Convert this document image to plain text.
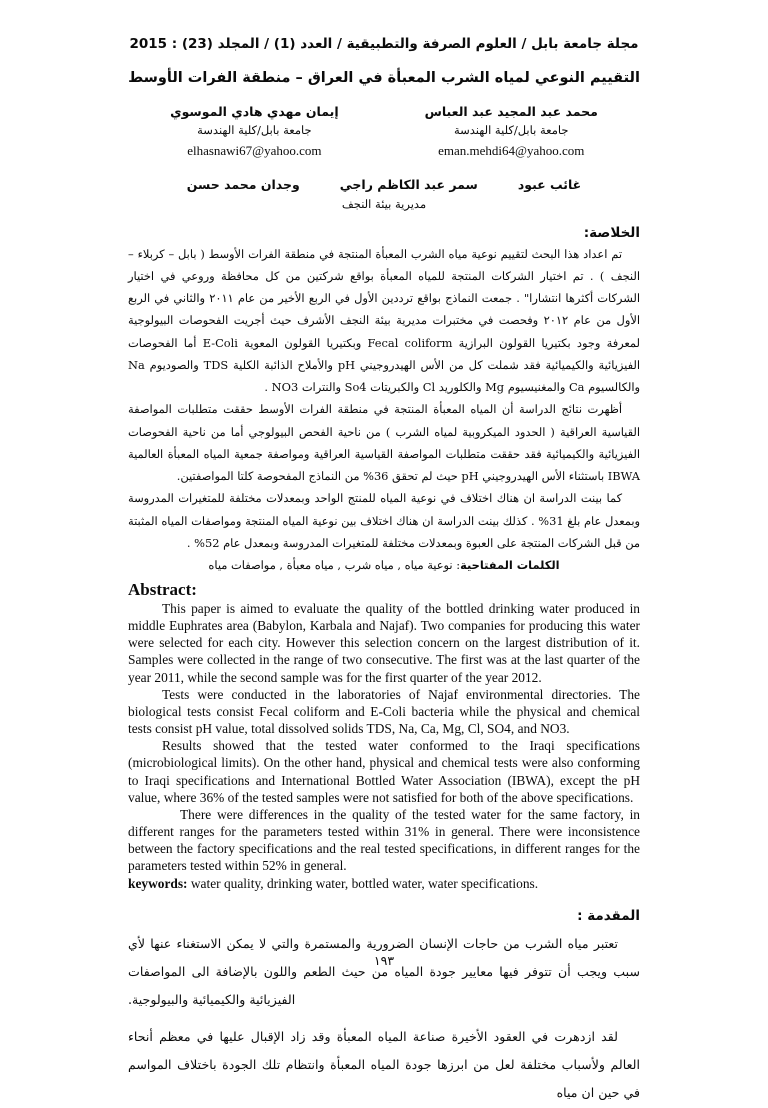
مجلة جامعة بابل / العلوم الصرفة والتطبيقية / العدد (1) / المجلد (23) : 2015
التقييم النوعي لمياه الشرب المعبأة في العراق – منطقة الفرات الأوسط
محمد عبد المجيد عبد العباس
جامعة بابل/كلية الهندسة
eman.mehdi64@yahoo.com
إيمان مهدي هادي الموسوي
جامعة بابل/كلية الهندسة
elhasnawi67@yahoo.com
غائب عبود
سمر عبد الكاظم راجي
وجدان محمد حسن
مديرية بيئة النجف
الخلاصة:

تم اعداد هذا البحث لتقييم نوعية مياه الشرب المعبأة المنتجة في منطقة الفرات الأوسط ( بابل – كربلاء – النجف ) . تم اختيار الشركات المنتجة للمياه المعبأة بواقع شركتين من كل محافظة وروعي في اختيار الشركات أكثرها انتشارا" . جمعت النماذج بواقع ترددين الأول في الربع الأخير من عام ٢٠١١ والثاني في الربع الأول من عام ٢٠١٢ وفحصت في مختبرات مديرية بيئة النجف الأشرف حيث أجريت الفحوصات البيولوجية لمعرفة وجود بكتيريا القولون البرازية Fecal coliform وبكتيريا القولون المعوية E-Coli أما الفحوصات الفيزيائية والكيميائية فقد شملت كل من الأس الهيدروجيني pH والأملاح الذائبة الكلية TDS والصوديوم Na والكالسيوم Ca والمغنيسيوم Mg والكلوريد Cl والكبريتات So4 والنترات NO3 .

أظهرت نتائج الدراسة أن المياه المعبأة المنتجة في منطقة الفرات الأوسط حققت متطلبات المواصفة القياسية العراقية ( الحدود الميكروبية لمياه الشرب ) من ناحية الفحص البيولوجي أما من ناحية الفحوصات الفيزيائية والكيميائية فقد حققت متطلبات المواصفة القياسية العراقية ومواصفة جمعية المياه المعبأة العالمية IBWA باستثناء الأس الهيدروجيني pH حيث لم تحقق 36% من النماذج المفحوصة كلتا المواصفتين.

كما بينت الدراسة ان هناك اختلاف في نوعية المياه للمنتج الواحد وبمعدلات مختلفة للمتغيرات المدروسة وبمعدل عام بلغ 31% . كذلك بينت الدراسة ان هناك اختلاف بين نوعية المياه المنتجة ومواصفات المياه المثبتة من قبل الشركات المنتجة على العبوة وبمعدلات مختلفة للمتغيرات المدروسة وبمعدل عام 52% .

الكلمات المفتاحية: نوعية مياه , مياه شرب , مياه معبأة , مواصفات مياه
Abstract:

This paper is aimed to evaluate the quality of the bottled drinking water produced in middle Euphrates area (Babylon, Karbala and Najaf). Two companies for producing this water were selected for each city. However this selection concern on the largest distribution of it. Samples were collected in the range of two consecutive. The first was at the last quarter of the year 2011, while the second sample was for the first quarter of the year 2012.

Tests were conducted in the laboratories of Najaf environmental directories. The biological tests consist Fecal coliform and E-Coli bacteria while the physical and chemical tests consist pH value, total dissolved solids TDS, Na, Ca, Mg, Cl, SO4, and NO3.

Results showed that the tested water conformed to the Iraqi specifications (microbiological limits). On the other hand, physical and chemical tests were also conforming to Iraqi specifications and International Bottled Water Association (IBWA), except the pH value, where 36% of the tested samples were not satisfied for both of the above specifications.

There were differences in the quality of the tested water for the same factory, in different ranges for the parameters tested within 31% in general. There were inconsistence between the factory specifications and the real tested specifications, in different ranges for the parameters tested within 52% in general.

keywords: water quality, drinking water, bottled water, water specifications.

المقدمة :

تعتبر مياه الشرب من حاجات الإنسان الضرورية والمستمرة والتي لا يمكن الاستغناء عنها لأي سبب ويجب أن تتوفر فيها معايير جودة المياه من حيث الطعم واللون بالإضافة الى المواصفات الفيزيائية والكيميائية والبيولوجية.

لقد ازدهرت في العقود الأخيرة صناعة المياه المعبأة وقد زاد الإقبال عليها في معظم أنحاء العالم ولأسباب مختلفة لعل من ابرزها جودة المياه المعبأة وانتظام تلك الجودة باختلاف المواسم في حين ان مياه

١٩٣
